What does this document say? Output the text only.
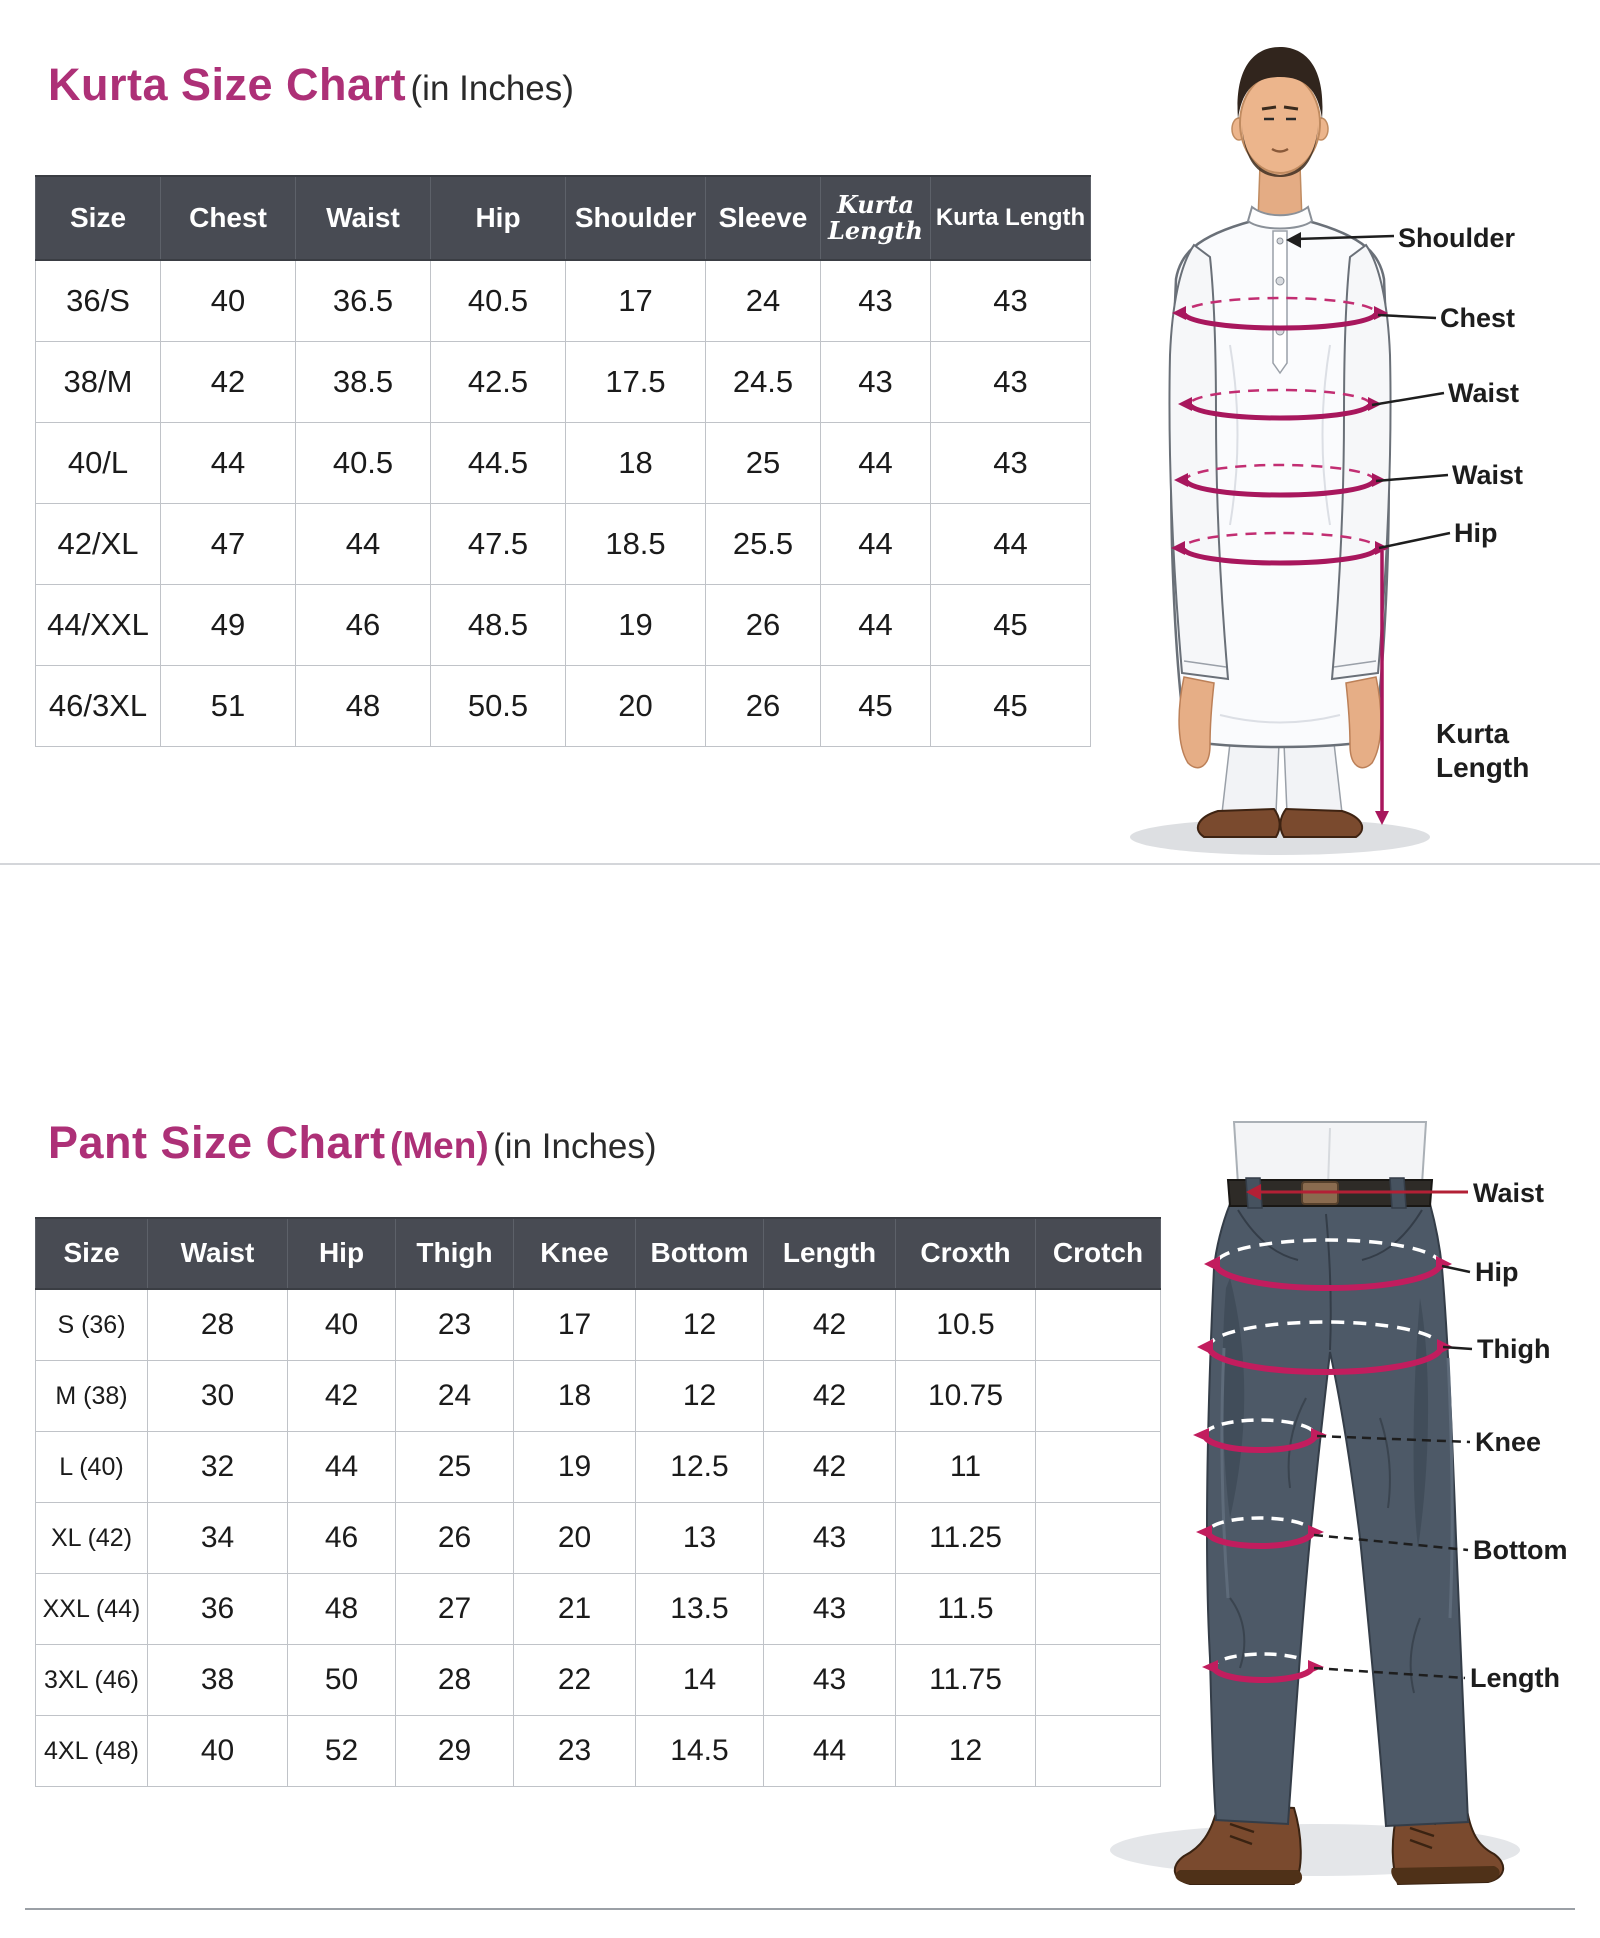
Kurta Size Chart (in Inches)
Size	Chest	Waist	Hip	Shoulder	Sleeve	Kurta Length	Kurta Length
36/S	40	36.5	40.5	17	24	43	43
38/M	42	38.5	42.5	17.5	24.5	43	43
40/L	44	40.5	44.5	18	25	44	43
42/XL	47	44	47.5	18.5	25.5	44	44
44/XXL	49	46	48.5	19	26	44	45
46/3XL	51	48	50.5	20	26	45	45
Shoulder
Chest
Waist
Waist
Hip
Kurta
Length
Pant Size Chart (Men) (in Inches)
Size	Waist	Hip	Thigh	Knee	Bottom	Length	Croxth	Crotch
S (36)	28	40	23	17	12	42	10.5	
M (38)	30	42	24	18	12	42	10.75	
L (40)	32	44	25	19	12.5	42	11	
XL (42)	34	46	26	20	13	43	11.25	
XXL (44)	36	48	27	21	13.5	43	11.5	
3XL (46)	38	50	28	22	14	43	11.75	
4XL (48)	40	52	29	23	14.5	44	12	
Waist
Hip
Thigh
Knee
Bottom
Length
